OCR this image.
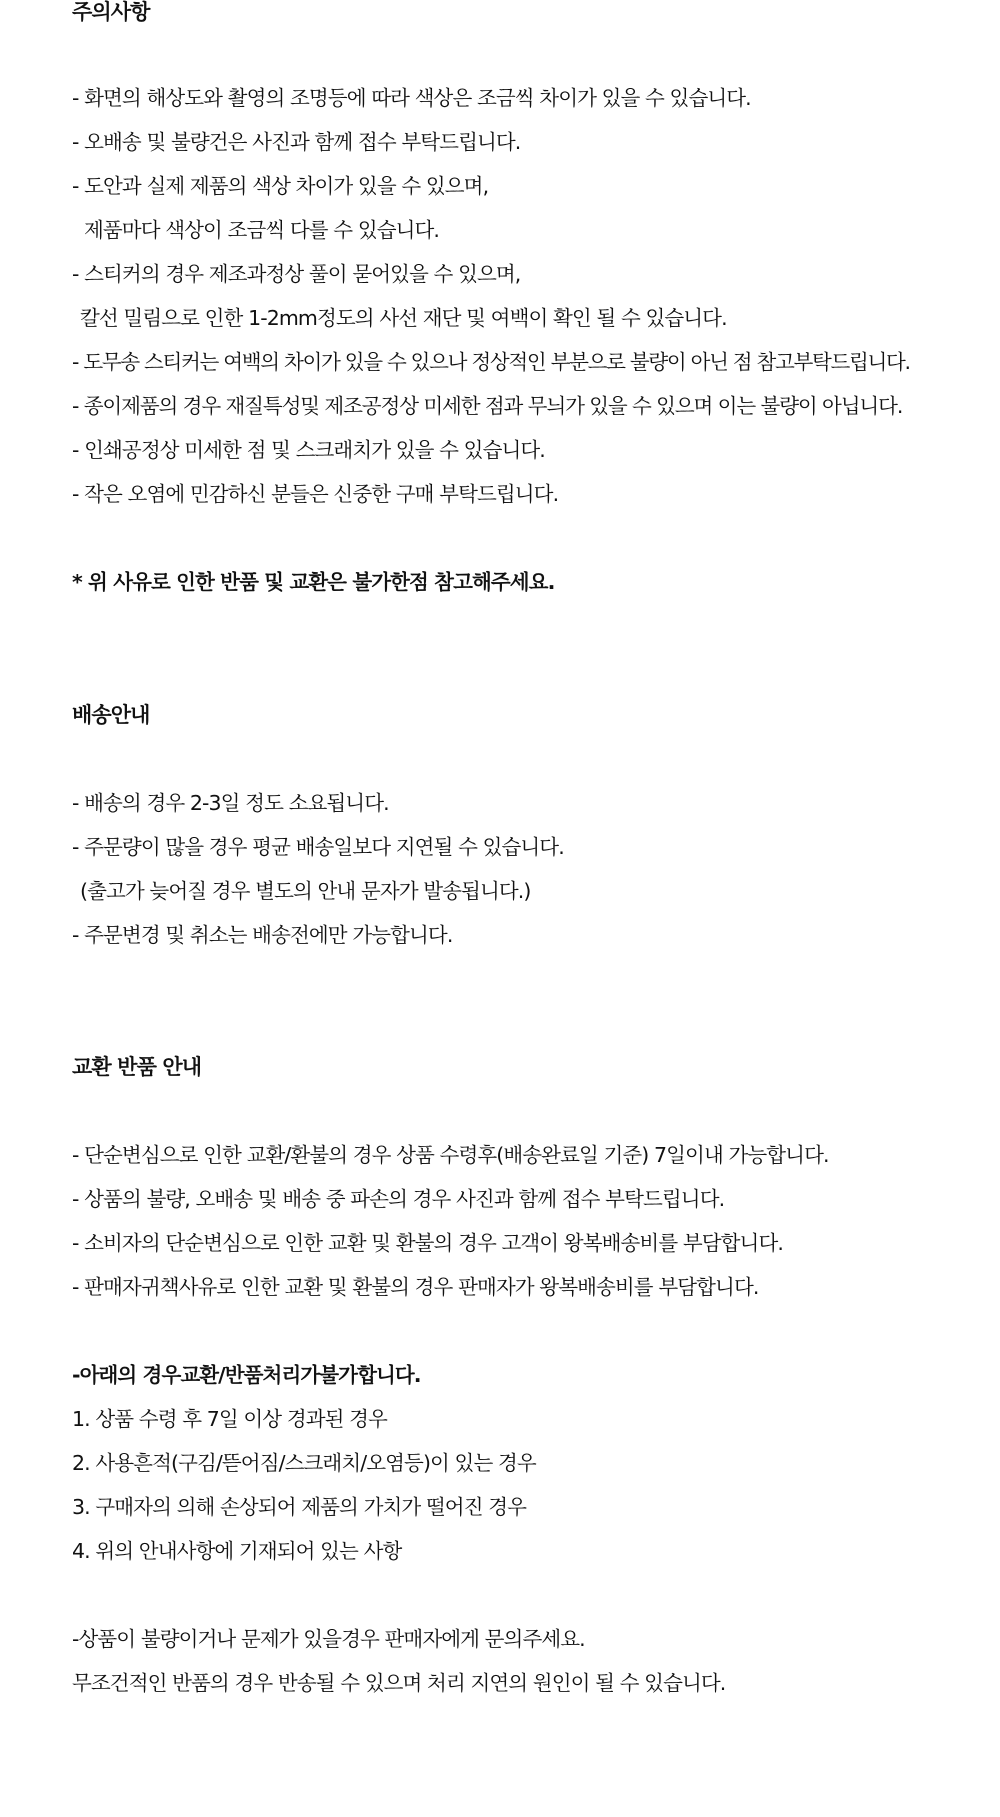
주의사항

- 화면의 해상도와 촬영의 조명등에 따라 색상은 조금씩 차이가 있을 수 있습니다.

- 오배송 및 불량건은 사진과 함께 접수 부탁드립니다.

- 도안과 실제 제품의 색상 차이가 있을 수 있으며,

제품마다 색상이 조금씩 다를 수 있습니다.

- 스티커의 경우 제조과정상 풀이 묻어있을 수 있으며,

칼선 밀림으로 인한 1-2mm정도의 사선 재단 및 여백이 확인 될 수 있습니다.

- 도무송 스티커는 여백의 차이가 있을 수 있으나 정상적인 부분으로 불량이 아닌 점 참고부탁드립니다.

- 종이제품의 경우 재질특성및 제조공정상 미세한 점과 무늬가 있을 수 있으며 이는 불량이 아닙니다.

- 인쇄공정상 미세한 점 및 스크래치가 있을 수 있습니다.

- 작은 오염에 민감하신 분들은 신중한 구매 부탁드립니다.

* 위 사유로 인한 반품 및 교환은 불가한점 참고해주세요.

배송안내

- 배송의 경우 2-3일 정도 소요됩니다.

- 주문량이 많을 경우 평균 배송일보다 지연될 수 있습니다.

(출고가 늦어질 경우 별도의 안내 문자가 발송됩니다.)

- 주문변경 및 취소는 배송전에만 가능합니다.

교환 반품 안내

- 단순변심으로 인한 교환/환불의 경우 상품 수령후(배송완료일 기준) 7일이내 가능합니다.

- 상품의 불량, 오배송 및 배송 중 파손의 경우 사진과 함께 접수 부탁드립니다.

- 소비자의 단순변심으로 인한 교환 및 환불의 경우 고객이 왕복배송비를 부담합니다.

- 판매자귀책사유로 인한 교환 및 환불의 경우 판매자가 왕복배송비를 부담합니다.

-아래의 경우교환/반품처리가불가합니다.

1. 상품 수령 후 7일 이상 경과된 경우

2. 사용흔적(구김/뜯어짐/스크래치/오염등)이 있는 경우

3. 구매자의 의해 손상되어 제품의 가치가 떨어진 경우

4. 위의 안내사항에 기재되어 있는 사항

-상품이 불량이거나 문제가 있을경우 판매자에게 문의주세요.

무조건적인 반품의 경우 반송될 수 있으며 처리 지연의 원인이 될 수 있습니다.
